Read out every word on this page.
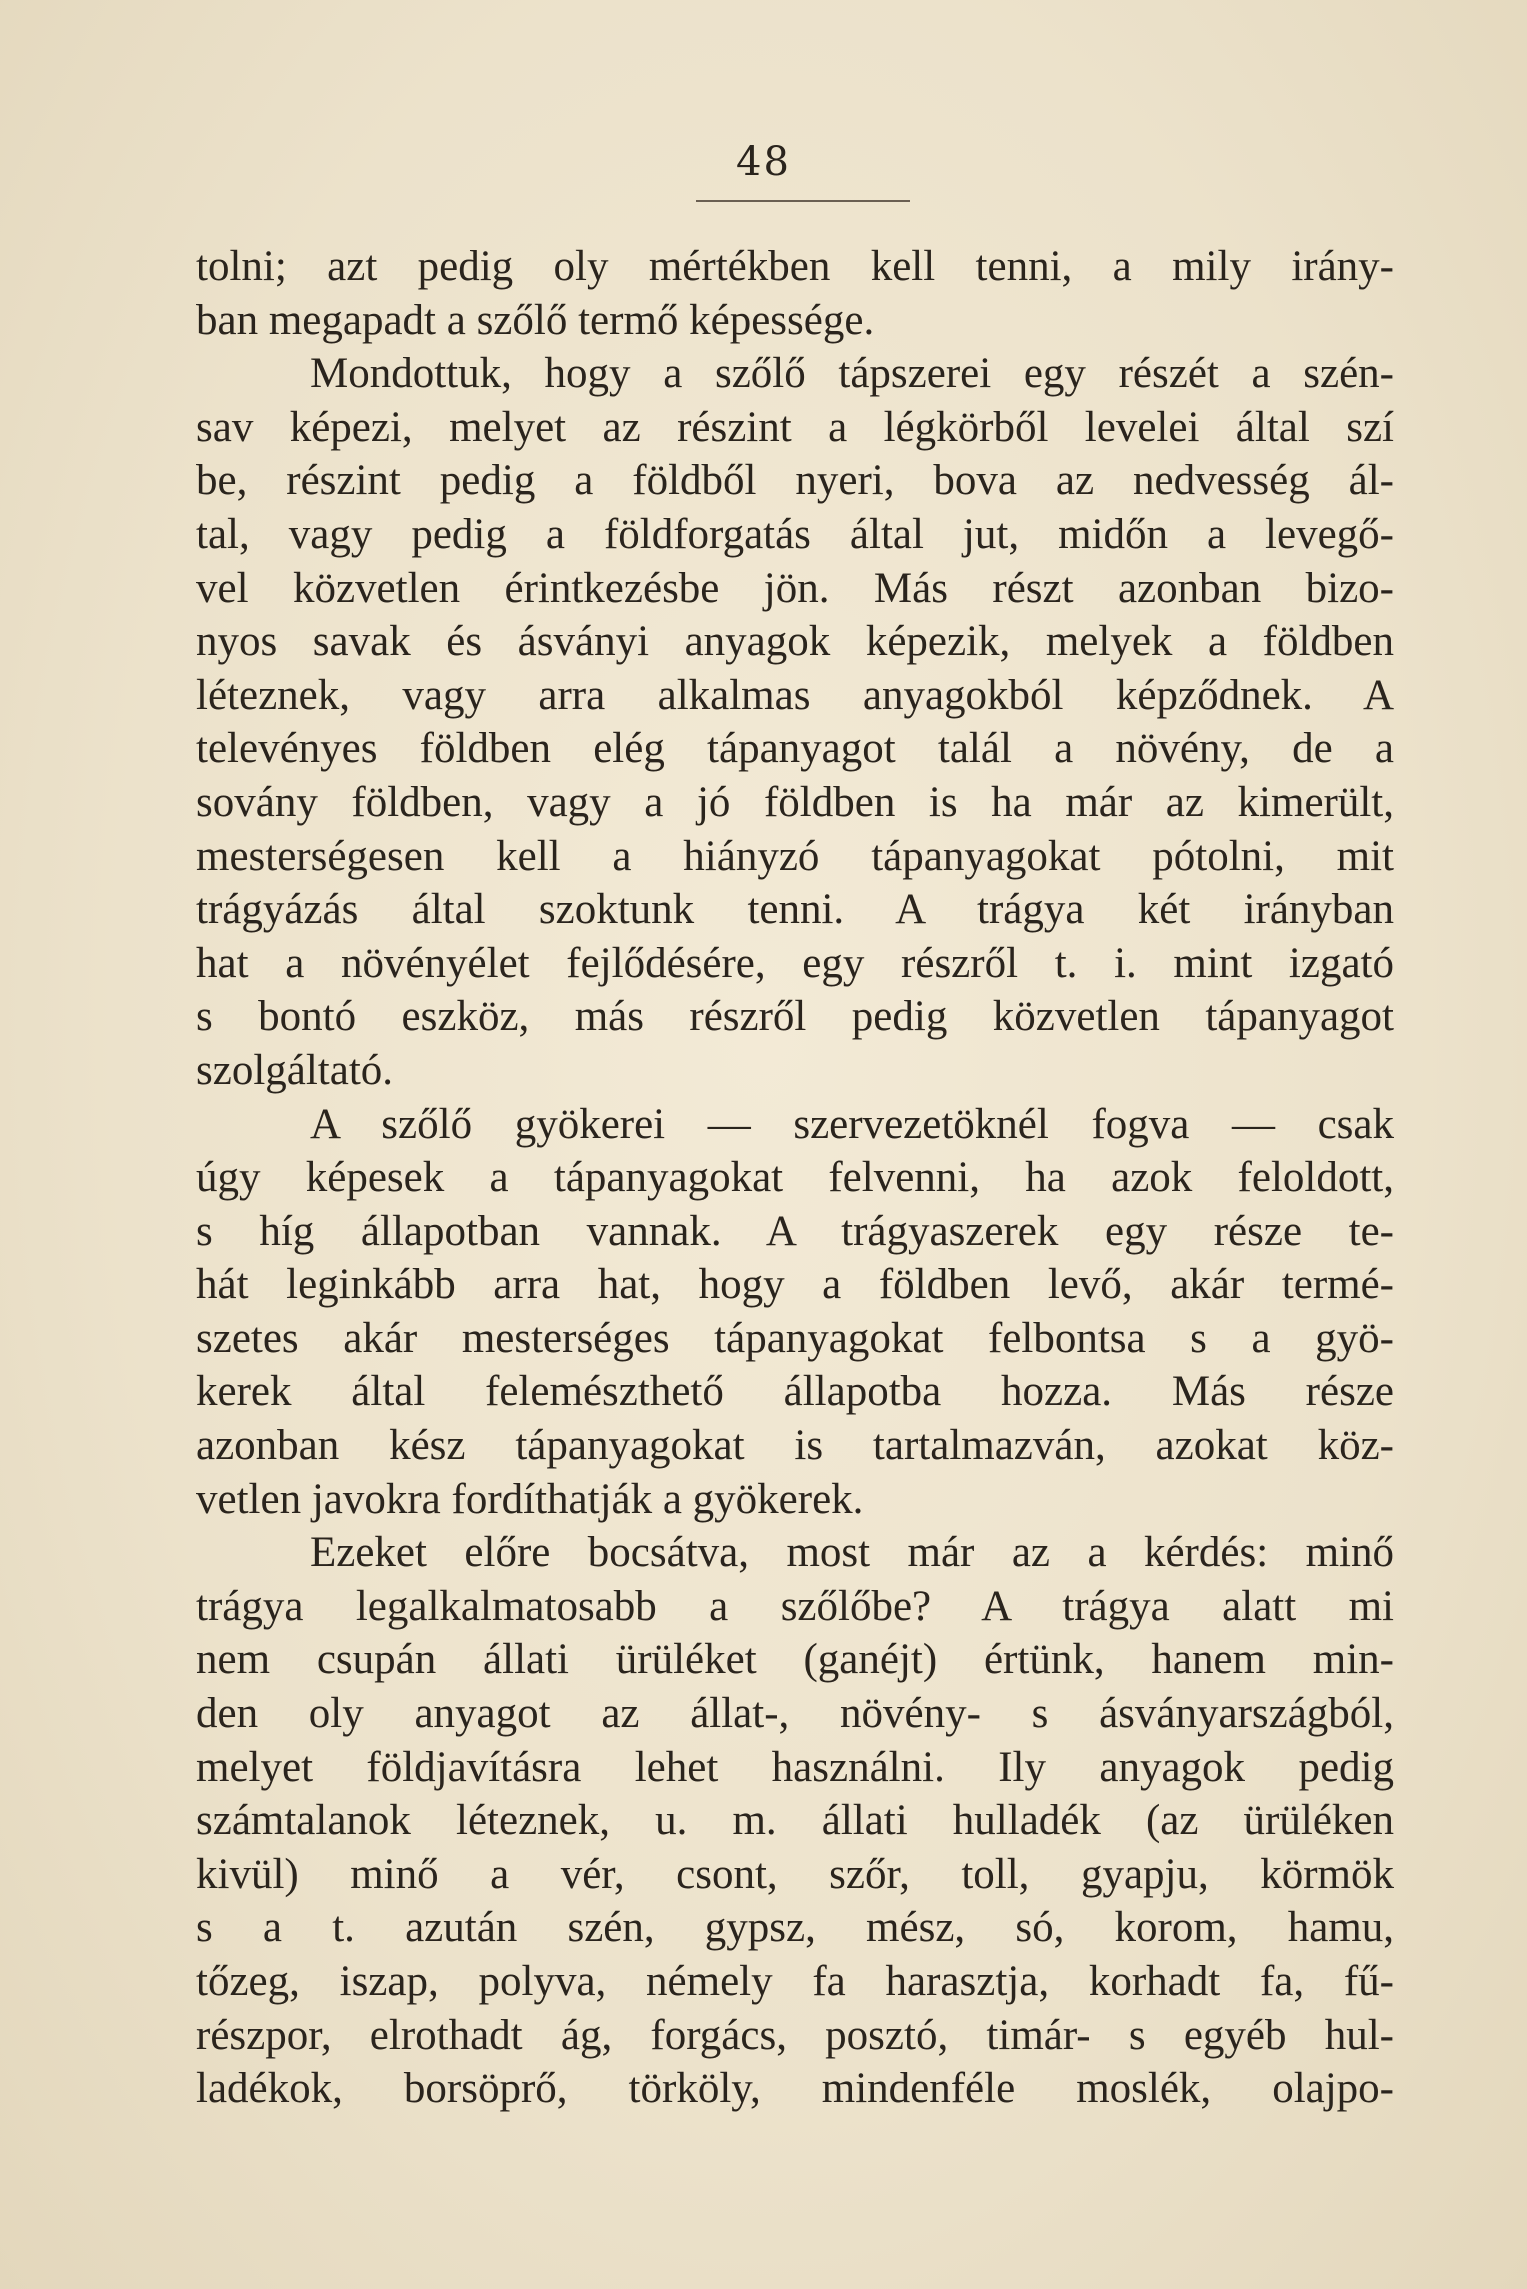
48
tolni; azt pedig oly mértékben kell tenni, a mily irány-
ban megapadt a szőlő termő képessége.
Mondottuk, hogy a szőlő tápszerei egy részét a szén-
sav képezi, melyet az részint a légkörből levelei által szí
be, részint pedig a földből nyeri, bova az nedvesség ál-
tal, vagy pedig a földforgatás által jut, midőn a levegő-
vel közvetlen érintkezésbe jön. Más részt azonban bizo-
nyos savak és ásványi anyagok képezik, melyek a földben
léteznek, vagy arra alkalmas anyagokból képződnek. A
televényes földben elég tápanyagot talál a növény, de a
sovány földben, vagy a jó földben is ha már az kimerült,
mesterségesen kell a hiányzó tápanyagokat pótolni, mit
trágyázás által szoktunk tenni. A trágya két irányban
hat a növényélet fejlődésére, egy részről t. i. mint izgató
s bontó eszköz, más részről pedig közvetlen tápanyagot
szolgáltató.
A szőlő gyökerei — szervezetöknél fogva — csak
úgy képesek a tápanyagokat felvenni, ha azok feloldott,
s híg állapotban vannak. A trágyaszerek egy része te-
hát leginkább arra hat, hogy a földben levő, akár termé-
szetes akár mesterséges tápanyagokat felbontsa s a gyö-
kerek által felemészthető állapotba hozza. Más része
azonban kész tápanyagokat is tartalmazván, azokat köz-
vetlen javokra fordíthatják a gyökerek.
Ezeket előre bocsátva, most már az a kérdés: minő
trágya legalkalmatosabb a szőlőbe? A trágya alatt mi
nem csupán állati ürüléket (ganéjt) értünk, hanem min-
den oly anyagot az állat-, növény- s ásványarszágból,
melyet földjavításra lehet használni. Ily anyagok pedig
számtalanok léteznek, u. m. állati hulladék (az ürüléken
kivül) minő a vér, csont, szőr, toll, gyapju, körmök
s a t. azután szén, gypsz, mész, só, korom, hamu,
tőzeg, iszap, polyva, némely fa harasztja, korhadt fa, fű-
részpor, elrothadt ág, forgács, posztó, timár- s egyéb hul-
ladékok, borsöprő, törköly, mindenféle moslék, olajpo-
